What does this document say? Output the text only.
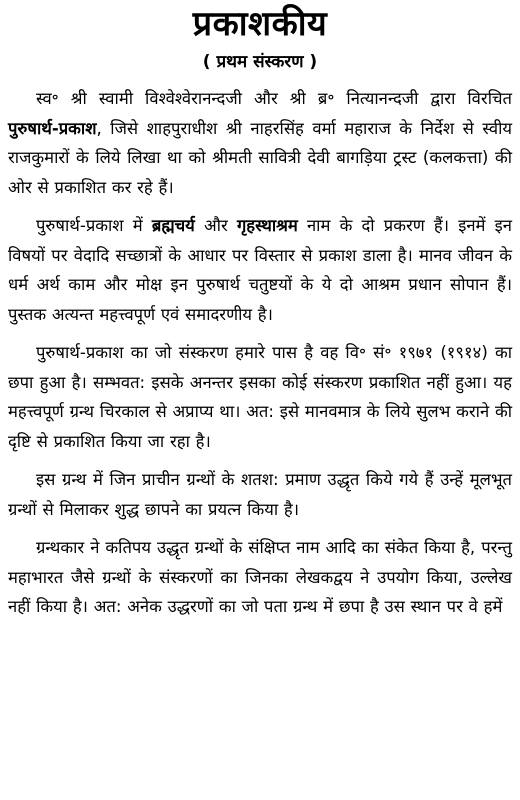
प्रकाशकीय
( प्रथम संस्करण )

स्व॰ श्री स्वामी विश्वेश्वेरानन्दजी और श्री ब्र॰ नित्यानन्दजी द्वारा विरचित पुरुषार्थ-प्रकाश, जिसे शाहपुराधीश श्री नाहरसिंह वर्मा महाराज के निर्देश से स्वीय राजकुमारों के लिये लिखा था को श्रीमती सावित्री देवी बागड़िया ट्रस्ट (कलकत्ता) की ओर से प्रकाशित कर रहे हैं।

पुरुषार्थ-प्रकाश में ब्रह्मचर्य और गृहस्थाश्रम नाम के दो प्रकरण हैं। इनमें इन विषयों पर वेदादि सच्छात्रों के आधार पर विस्तार से प्रकाश डाला है। मानव जीवन के धर्म अर्थ काम और मोक्ष इन पुरुषार्थ चतुष्टयों के ये दो आश्रम प्रधान सोपान हैं। पुस्तक अत्यन्त महत्त्वपूर्ण एवं समादरणीय है।

पुरुषार्थ-प्रकाश का जो संस्करण हमारे पास है वह वि॰ सं॰ १९७१ (१९१४) का छपा हुआ है। सम्भवत: इसके अनन्तर इसका कोई संस्करण प्रकाशित नहीं हुआ। यह महत्त्वपूर्ण ग्रन्थ चिरकाल से अप्राप्य था। अत: इसे मानवमात्र के लिये सुलभ कराने की दृष्टि से प्रकाशित किया जा रहा है।

इस ग्रन्थ में जिन प्राचीन ग्रन्थों के शतश: प्रमाण उद्धृत किये गये हैं उन्हें मूलभूत ग्रन्थों से मिलाकर शुद्ध छापने का प्रयत्न किया है।

ग्रन्थकार ने कतिपय उद्धृत ग्रन्थों के संक्षिप्त नाम आदि का संकेत किया है, परन्तु महाभारत जैसे ग्रन्थों के संस्करणों का जिनका लेखकद्वय ने उपयोग किया, उल्लेख नहीं किया है। अत: अनेक उद्धरणों का जो पता ग्रन्थ में छपा है उस स्थान पर वे हमें
